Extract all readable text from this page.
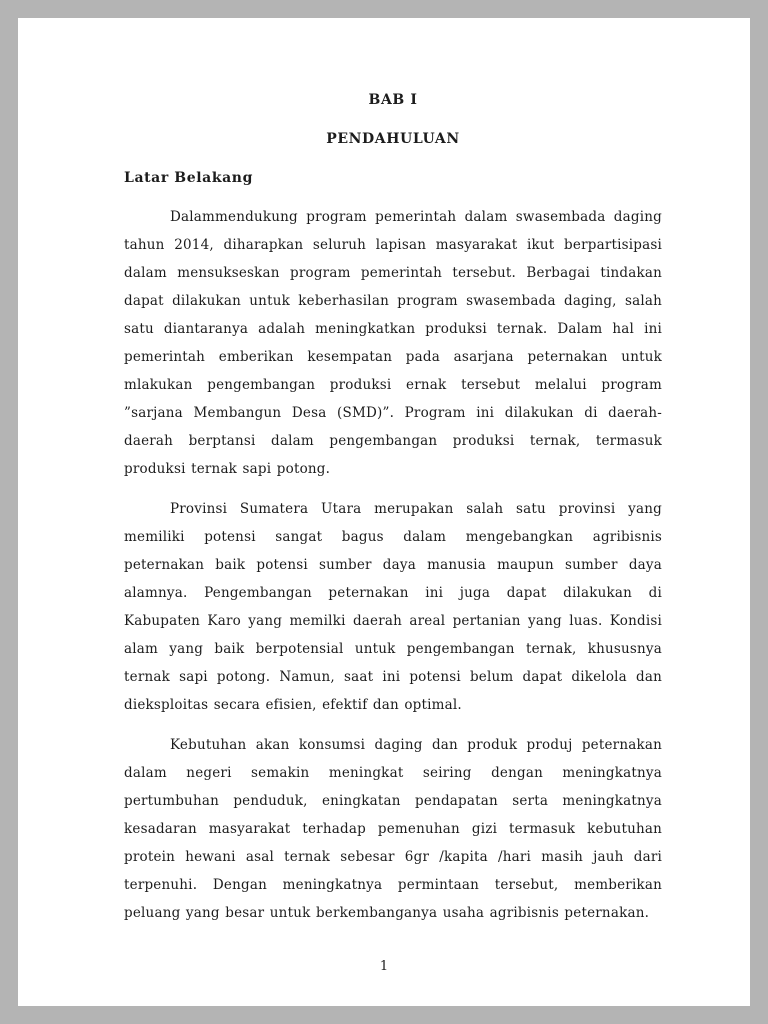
BAB I
PENDAHULUAN
Latar Belakang

Dalammendukung program pemerintah dalam swasembada daging tahun 2014, diharapkan seluruh lapisan masyarakat ikut berpartisipasi dalam mensukseskan program pemerintah tersebut. Berbagai tindakan dapat dilakukan untuk keberhasilan program swasembada daging, salah satu diantaranya adalah meningkatkan produksi ternak. Dalam hal ini pemerintah emberikan kesempatan pada asarjana peternakan untuk mlakukan pengembangan produksi ernak tersebut melalui program ”sarjana Membangun Desa (SMD)”. Program ini dilakukan di daerah-daerah berptansi dalam pengembangan produksi ternak, termasuk produksi ternak sapi potong.

Provinsi Sumatera Utara merupakan salah satu provinsi yang memiliki potensi sangat bagus dalam mengebangkan agribisnis peternakan baik potensi sumber daya manusia maupun sumber daya alamnya. Pengembangan peternakan ini juga dapat dilakukan di Kabupaten Karo yang memilki daerah areal pertanian yang luas. Kondisi alam yang baik berpotensial untuk pengembangan ternak, khususnya ternak sapi potong. Namun, saat ini potensi belum dapat dikelola dan dieksploitas secara efisien, efektif dan optimal.

Kebutuhan akan konsumsi daging dan produk produj peternakan dalam negeri semakin meningkat seiring dengan meningkatnya pertumbuhan penduduk, eningkatan pendapatan serta meningkatnya kesadaran masyarakat terhadap pemenuhan gizi termasuk kebutuhan protein hewani asal ternak sebesar 6gr /kapita /hari masih jauh dari terpenuhi. Dengan meningkatnya permintaan tersebut, memberikan peluang yang besar untuk berkembanganya usaha agribisnis peternakan.

1
